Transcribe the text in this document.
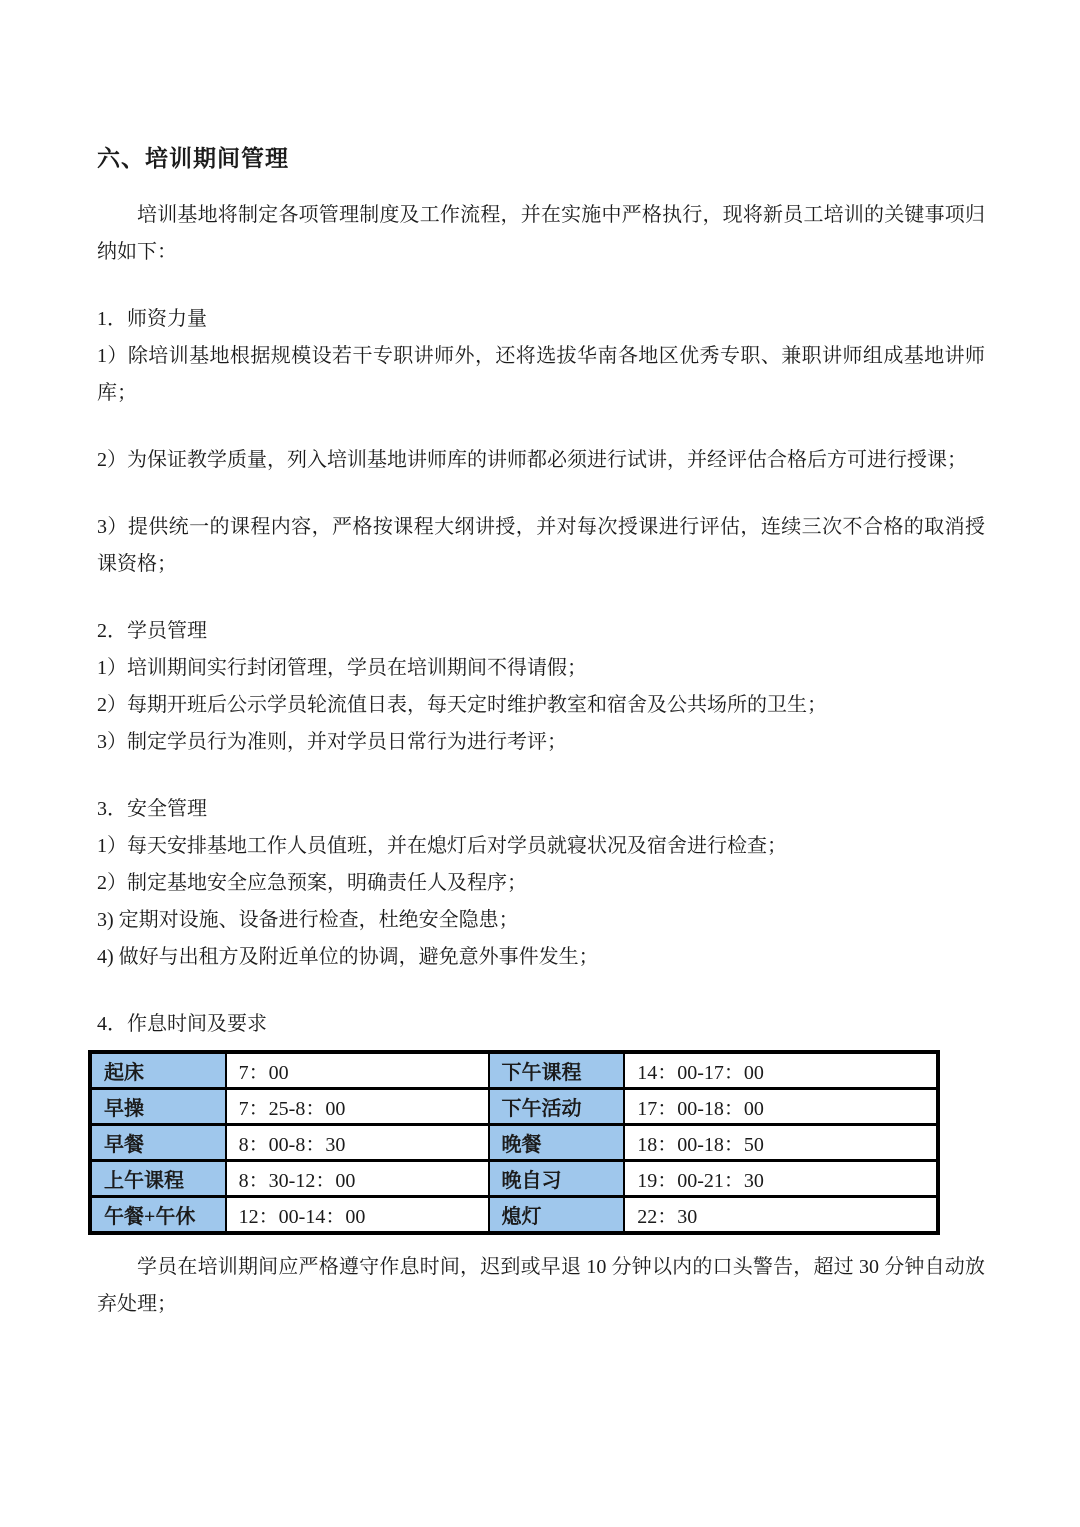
六、培训期间管理

培训基地将制定各项管理制度及工作流程，并在实施中严格执行，现将新员工培训的关键事项归纳如下：

1．师资力量

1）除培训基地根据规模设若干专职讲师外，还将选拔华南各地区优秀专职、兼职讲师组成基地讲师库；

2）为保证教学质量，列入培训基地讲师库的讲师都必须进行试讲，并经评估合格后方可进行授课；

3）提供统一的课程内容，严格按课程大纲讲授，并对每次授课进行评估，连续三次不合格的取消授课资格；

2．学员管理

1）培训期间实行封闭管理，学员在培训期间不得请假；

2）每期开班后公示学员轮流值日表，每天定时维护教室和宿舍及公共场所的卫生；

3）制定学员行为准则，并对学员日常行为进行考评；

3．安全管理

1）每天安排基地工作人员值班，并在熄灯后对学员就寝状况及宿舍进行检查；

2）制定基地安全应急预案，明确责任人及程序；

3) 定期对设施、设备进行检查，杜绝安全隐患；

4) 做好与出租方及附近单位的协调，避免意外事件发生；

4．作息时间及要求

起床	7：00	下午课程	14：00-17：00
早操	7：25-8：00	下午活动	17：00-18：00
早餐	8：00-8：30	晚餐	18：00-18：50
上午课程	8：30-12：00	晚自习	19：00-21：30
午餐+午休	12：00-14：00	熄灯	22：30

学员在培训期间应严格遵守作息时间，迟到或早退 10 分钟以内的口头警告，超过 30 分钟自动放弃处理；
